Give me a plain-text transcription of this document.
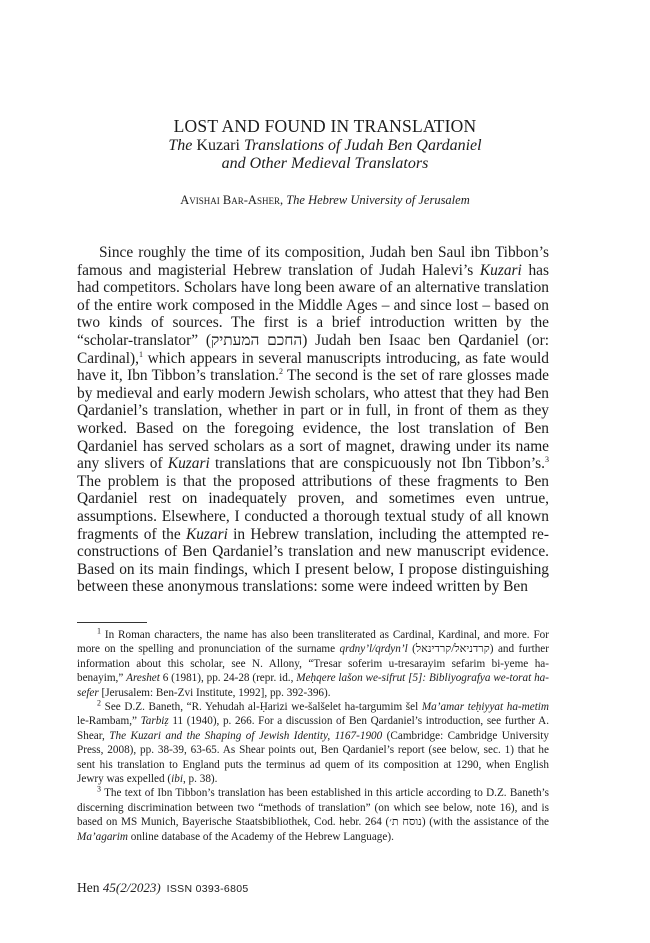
LOST AND FOUND IN TRANSLATION
The Kuzari Translations of Judah Ben Qardaniel
and Other Medieval Translators
Avishai Bar-Asher, The Hebrew University of Jerusalem

Since roughly the time of its composition, Judah ben Saul ibn Tibbon’s famous and magisterial Hebrew translation of Judah Halevi’s Kuzari has had competitors. Scholars have long been aware of an alternative translation of the entire work composed in the Middle Ages – and since lost – based on two kinds of sources. The first is a brief introduction written by the “scholar-translator” (החכם המעתיק) Judah ben Isaac ben Qardaniel (or: Cardinal),$^1$ which appears in several manuscripts introducing, as fate would have it, Ibn Tibbon’s translation.$^2$ The second is the set of rare glosses made by medieval and early modern Jewish scholars, who attest that they had Ben Qardaniel’s translation, whether in part or in full, in front of them as they worked. Based on the foregoing evidence, the lost translation of Ben Qardaniel has served scholars as a sort of magnet, drawing under its name any slivers of Kuzari translations that are conspicuously not Ibn Tibbon’s.$^3$ The problem is that the proposed attributions of these fragments to Ben Qardaniel rest on inadequately proven, and sometimes even untrue, assumptions. Elsewhere, I conducted a thorough textual study of all known fragments of the Kuzari in Hebrew translation, including the attempted reconstructions of Ben Qardaniel’s translation and new manuscript evidence. Based on its main findings, which I present below, I propose distinguishing between these anonymous translations: some were indeed written by Ben

$^1$ In Roman characters, the name has also been transliterated as Cardinal, Kardinal, and more. For more on the spelling and pronunciation of the surname qrdny’l/qrdyn’l (קרדניאל/קרדינאל) and further information about this scholar, see N. Allony, “Tresar soferim u-tresarayim sefarim bi-yeme ha-benayim,” Areshet 6 (1981), pp. 24-28 (repr. id., Meḥqere lašon we-sifrut [5]: Bibliyografya we-torat ha-sefer [Jerusalem: Ben-Zvi Institute, 1992], pp. 392-396).

$^2$ See D.Z. Baneth, “R. Yehudah al-Ḥarizi we-šalšelet ha-targumim šel Ma’amar teḥiyyat ha-metim le-Rambam,” Tarbiẓ 11 (1940), p. 266. For a discussion of Ben Qardaniel’s introduction, see further A. Shear, The Kuzari and the Shaping of Jewish Identity, 1167-1900 (Cambridge: Cambridge University Press, 2008), pp. 38-39, 63-65. As Shear points out, Ben Qardaniel’s report (see below, sec. 1) that he sent his translation to England puts the terminus ad quem of its composition at 1290, when English Jewry was expelled (ibi, p. 38).

$^3$ The text of Ibn Tibbon’s translation has been established in this article according to D.Z. Baneth’s discerning discrimination between two “methods of translation” (on which see below, note 16), and is based on MS Munich, Bayerische Staatsbibliothek, Cod. hebr. 264 (נוסח ת׳) (with the assistance of the Ma’agarim online database of the Academy of the Hebrew Language).

Hen 45(2/2023) ISSN 0393-6805
